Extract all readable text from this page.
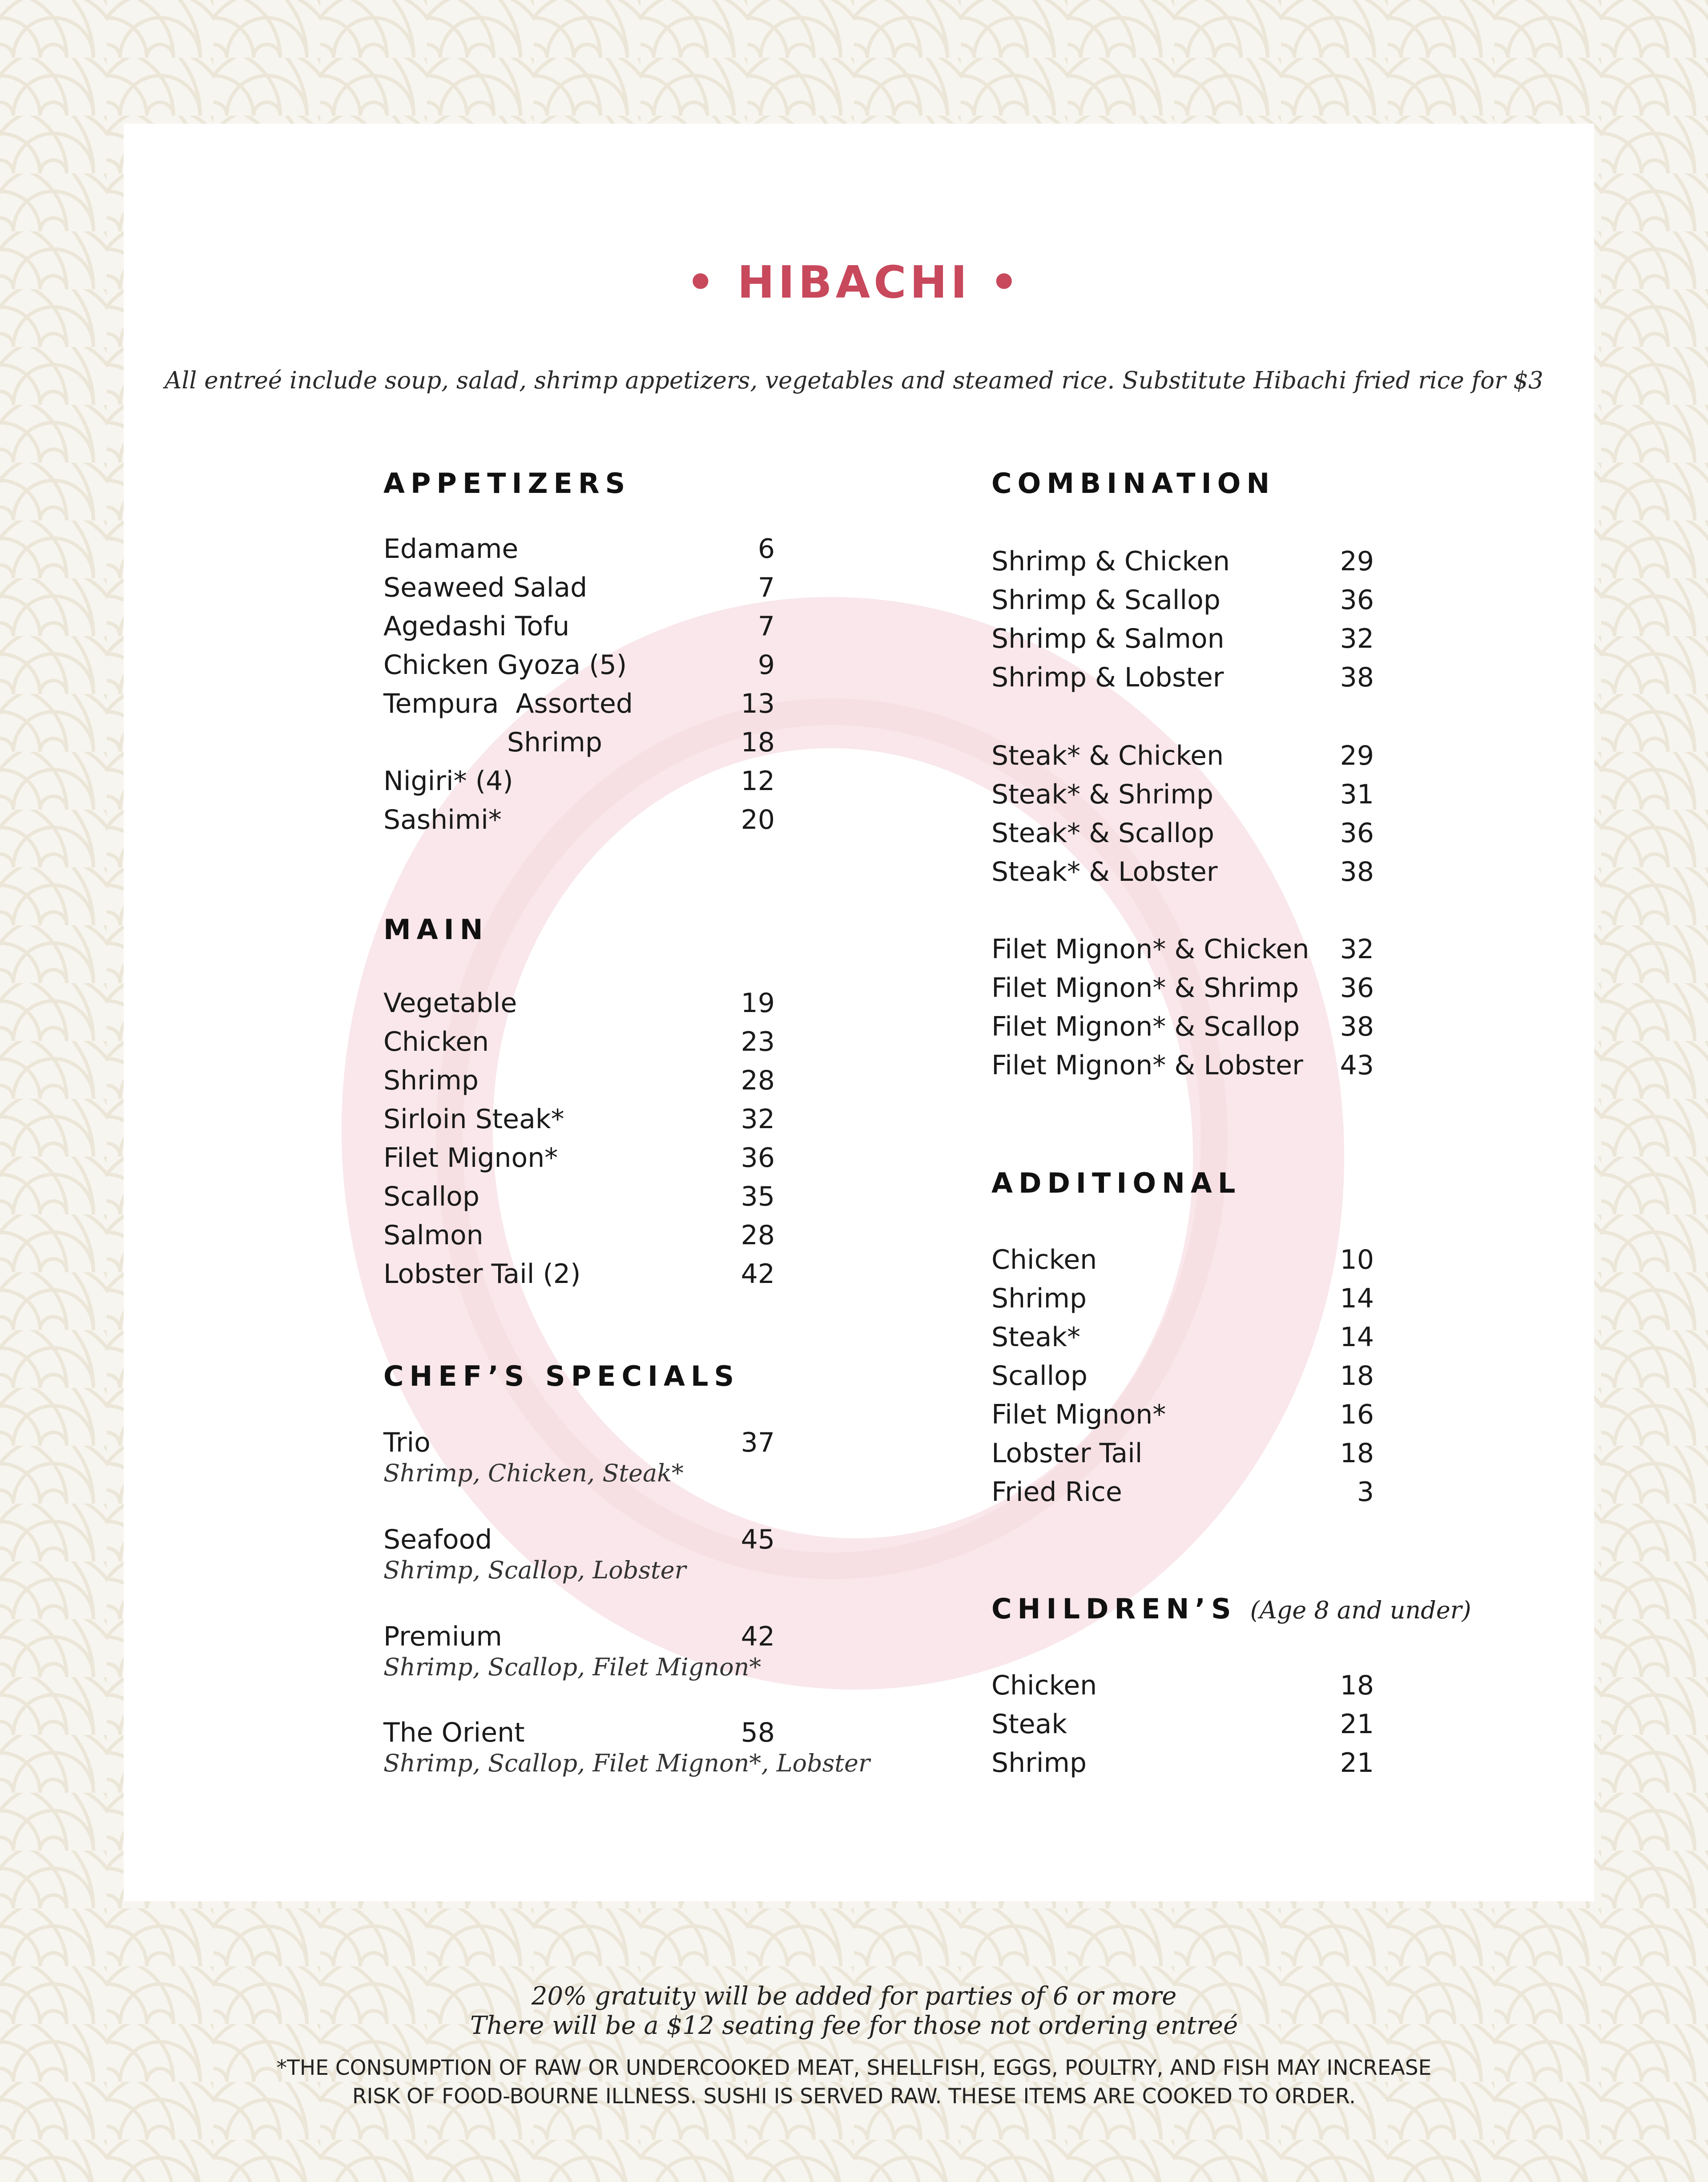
• HIBACHI •
All entreé include soup, salad, shrimp appetizers, vegetables and steamed rice. Substitute Hibachi fried rice for $3
APPETIZERS
Edamame	6
Seaweed Salad	7
Agedashi Tofu	7
Chicken Gyoza (5)	9
Tempura  Assorted	13
Shrimp	18
Nigiri* (4)	12
Sashimi*	20
MAIN
Vegetable	19
Chicken	23
Shrimp	28
Sirloin Steak*	32
Filet Mignon*	36
Scallop	35
Salmon	28
Lobster Tail (2)	42
CHEF’S SPECIALS
Trio	37
Shrimp, Chicken, Steak*
Seafood	45
Shrimp, Scallop, Lobster
Premium	42
Shrimp, Scallop, Filet Mignon*
The Orient	58
Shrimp, Scallop, Filet Mignon*, Lobster
COMBINATION
Shrimp & Chicken	29
Shrimp & Scallop	36
Shrimp & Salmon	32
Shrimp & Lobster	38
Steak* & Chicken	29
Steak* & Shrimp	31
Steak* & Scallop	36
Steak* & Lobster	38
Filet Mignon* & Chicken 32
Filet Mignon* & Shrimp 36
Filet Mignon* & Scallop 38
Filet Mignon* & Lobster 43
ADDITIONAL
Chicken	10
Shrimp	14
Steak*	14
Scallop	18
Filet Mignon*	16
Lobster Tail	18
Fried Rice	3
CHILDREN’S (Age 8 and under)
Chicken	18
Steak	21
Shrimp	21

20% gratuity will be added for parties of 6 or more

There will be a $12 seating fee for those not ordering entreé

*THE CONSUMPTION OF RAW OR UNDERCOOKED MEAT, SHELLFISH, EGGS, POULTRY, AND FISH MAY INCREASE

RISK OF FOOD-BOURNE ILLNESS. SUSHI IS SERVED RAW. THESE ITEMS ARE COOKED TO ORDER.
